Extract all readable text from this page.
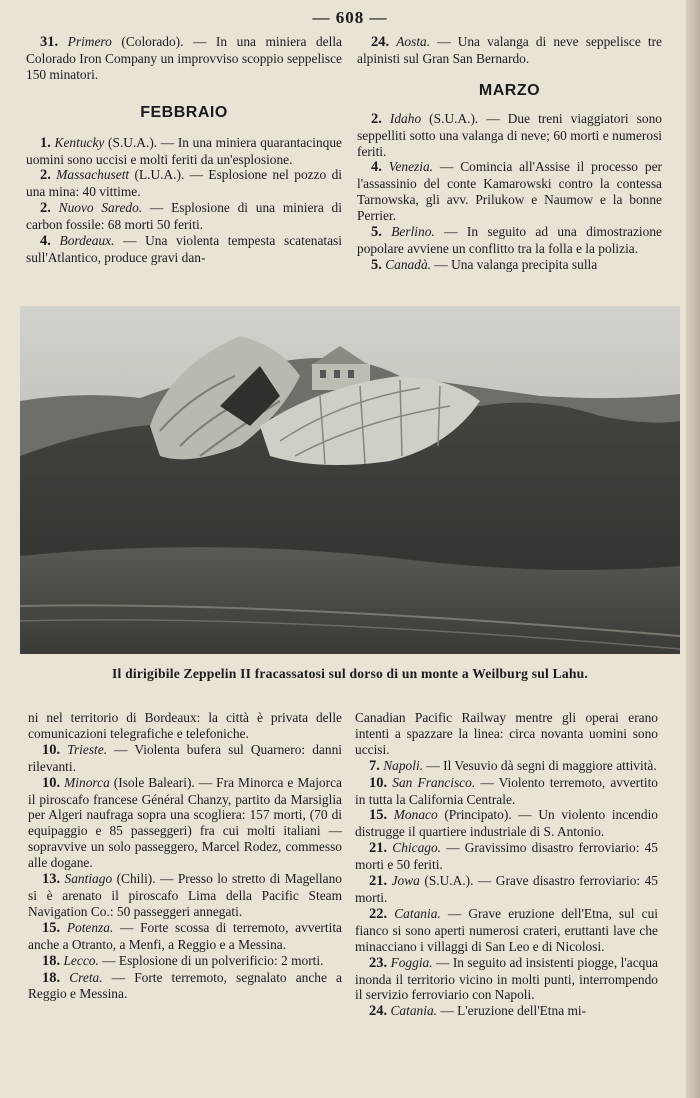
— 608 —

31. Primero (Colorado). — In una miniera della Colorado Iron Company un improvviso scoppio seppelisce 150 minatori.

FEBBRAIO

1. Kentucky (S.U.A.). — In una miniera quarantacinque uomini sono uccisi e molti feriti da un'esplosione.

2. Massachusett (L.U.A.). — Esplosione nel pozzo di una mina: 40 vittime.

2. Nuovo Saredo. — Esplosione di una miniera di carbon fossile: 68 morti 50 feriti.

4. Bordeaux. — Una violenta tempesta scatenatasi sull'Atlantico, produce gravi dan-

24. Aosta. — Una valanga di neve seppelisce tre alpinisti sul Gran San Bernardo.

MARZO

2. Idaho (S.U.A.). — Due treni viaggiatori sono seppelliti sotto una valanga di neve; 60 morti e numerosi feriti.

4. Venezia. — Comincia all'Assise il processo per l'assassinio del conte Kamarowski contro la contessa Tarnowska, gli avv. Prilukow e Naumow e la bonne Perrier.

5. Berlino. — In seguito ad una dimostrazione popolare avviene un conflitto tra la folla e la polizia.

5. Canadà. — Una valanga precipita sulla

Il dirigibile Zeppelin II fracassatosi sul dorso di un monte a Weilburg sul Lahu.

ni nel territorio di Bordeaux: la città è privata delle comunicazioni telegrafiche e telefoniche.

10. Trieste. — Violenta bufera sul Quarnero: danni rilevanti.

10. Minorca (Isole Baleari). — Fra Minorca e Majorca il piroscafo francese Général Chanzy, partito da Marsiglia per Algeri naufraga sopra una scogliera: 157 morti, (70 di equipaggio e 85 passeggeri) fra cui molti italiani — sopravvive un solo passeggero, Marcel Rodez, commesso alle dogane.

13. Santiago (Chili). — Presso lo stretto di Magellano si è arenato il piroscafo Lima della Pacific Steam Navigation Co.: 50 passeggeri annegati.

15. Potenza. — Forte scossa di terremoto, avvertita anche a Otranto, a Menfi, a Reggio e a Messina.

18. Lecco. — Esplosione di un polverificio: 2 morti.

18. Creta. — Forte terremoto, segnalato anche a Reggio e Messina.

Canadian Pacific Railway mentre gli operai erano intenti a spazzare la linea: circa novanta uomini sono uccisi.

7. Napoli. — Il Vesuvio dà segni di maggiore attività.

10. San Francisco. — Violento terremoto, avvertito in tutta la California Centrale.

15. Monaco (Principato). — Un violento incendio distrugge il quartiere industriale di S. Antonio.

21. Chicago. — Gravissimo disastro ferroviario: 45 morti e 50 feriti.

21. Jowa (S.U.A.). — Grave disastro ferroviario: 45 morti.

22. Catania. — Grave eruzione dell'Etna, sul cui fianco si sono aperti numerosi crateri, eruttanti lave che minacciano i villaggi di San Leo e di Nicolosi.

23. Foggia. — In seguito ad insistenti piogge, l'acqua inonda il territorio vicino in molti punti, interrompendo il servizio ferroviario con Napoli.

24. Catania. — L'eruzione dell'Etna mi-
